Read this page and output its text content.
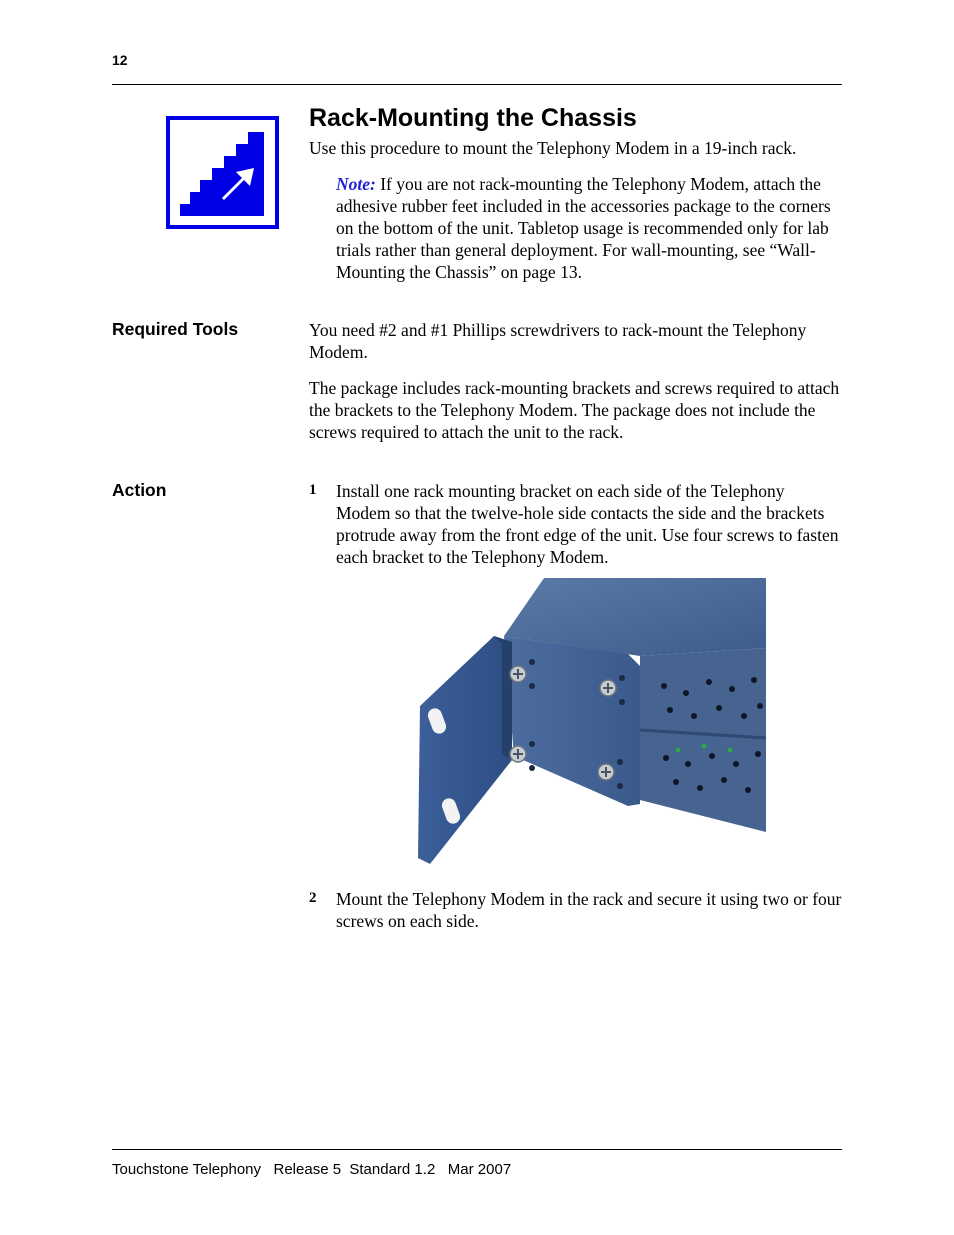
12
Rack-Mounting the Chassis

Use this procedure to mount the Telephony Modem in a 19-inch rack.

Note: If you are not rack-mounting the Telephony Modem, attach the adhesive rubber feet included in the accessories package to the corners on the bottom of the unit. Tabletop usage is recommended only for lab trials rather than general deployment. For wall-mounting, see “Wall-Mounting the Chassis” on page 13.

Required Tools	You need #2 and #1 Phillips screwdrivers to rack-mount the Telephony Modem.

The package includes rack-mounting brackets and screws required to attach the brackets to the Telephony Modem. The package does not include the screws required to attach the unit to the rack.

Action	1 Install one rack mounting bracket on each side of the Telephony Modem so that the twelve-hole side contacts the side and the brackets protrude away from the front edge of the unit. Use four screws to fasten each bracket to the Telephony Modem.

2 Mount the Telephony Modem in the rack and secure it using two or four screws on each side.

Touchstone Telephony   Release 5  Standard 1.2   Mar 2007
